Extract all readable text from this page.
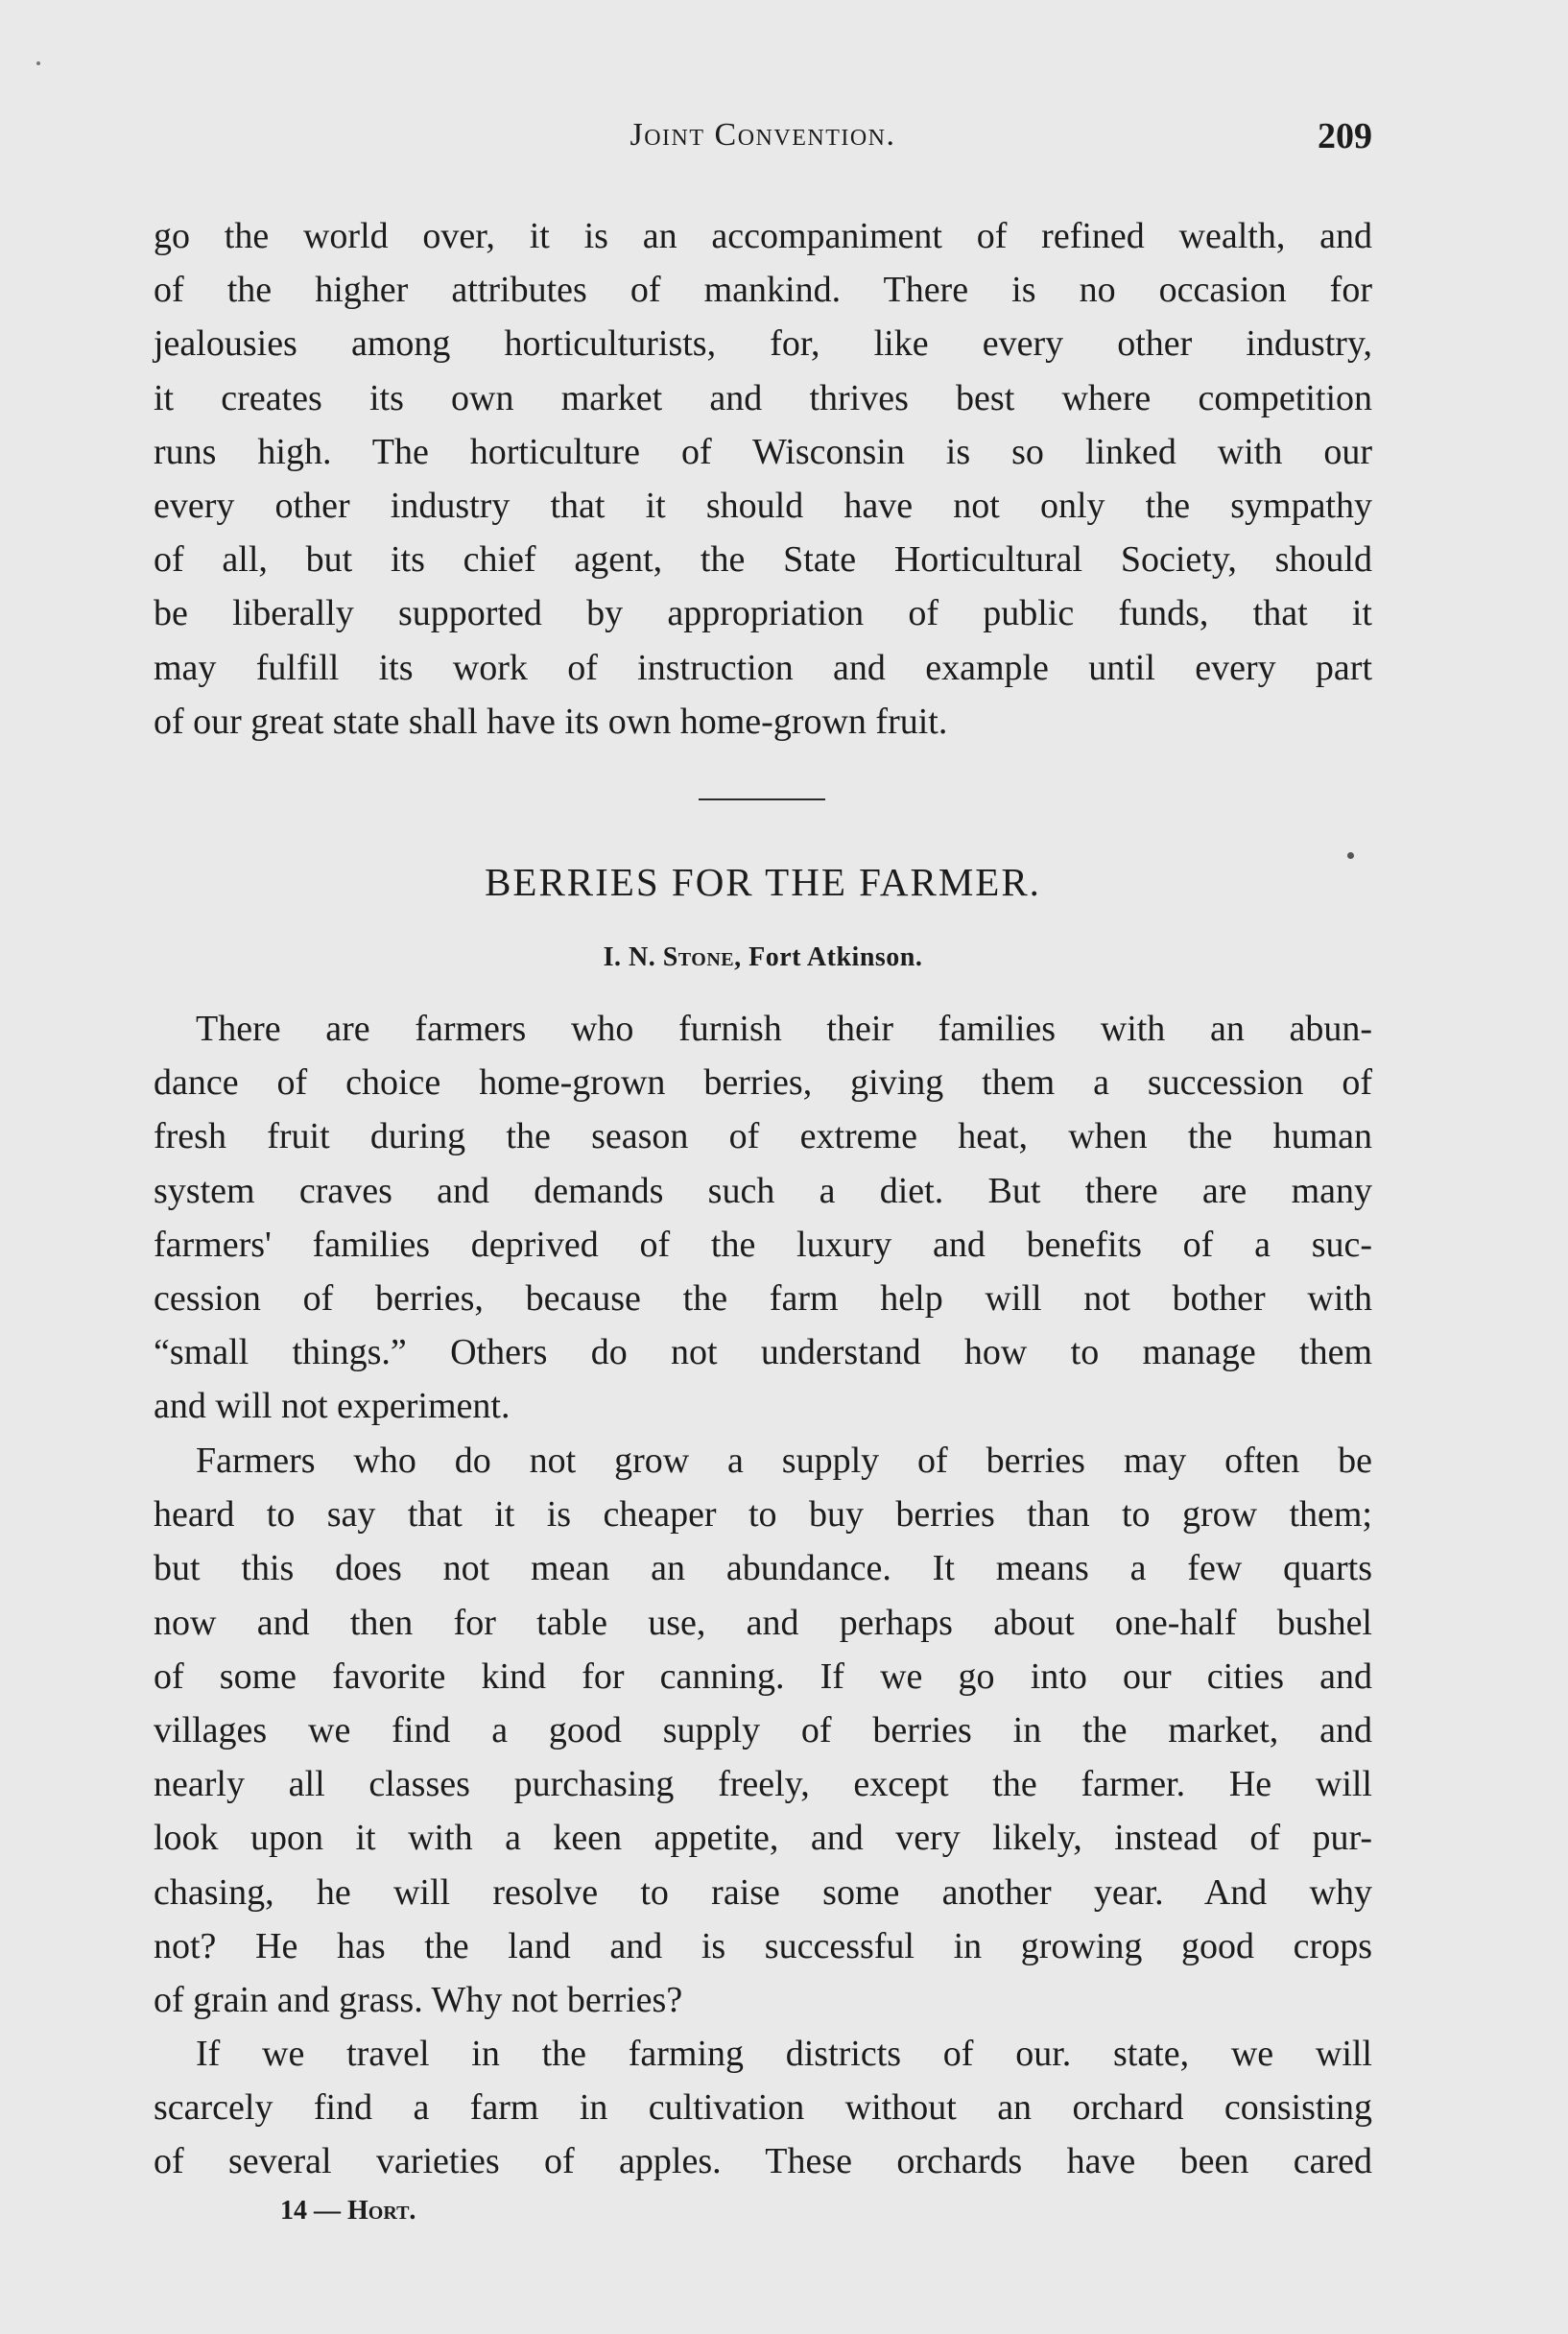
Joint Convention.	209
go the world over, it is an accompaniment of refined wealth, and
of the higher attributes of mankind. There is no occasion for
jealousies among horticulturists, for, like every other industry,
it creates its own market and thrives best where competition
runs high. The horticulture of Wisconsin is so linked with our
every other industry that it should have not only the sympathy
of all, but its chief agent, the State Horticultural Society, should
be liberally supported by appropriation of public funds, that it
may fulfill its work of instruction and example until every part
of our great state shall have its own home-grown fruit.
BERRIES FOR THE FARMER.
I. N. Stone, Fort Atkinson.
There are farmers who furnish their families with an abun-
dance of choice home-grown berries, giving them a succession of
fresh fruit during the season of extreme heat, when the human
system craves and demands such a diet. But there are many
farmers' families deprived of the luxury and benefits of a suc-
cession of berries, because the farm help will not bother with
“small things.” Others do not understand how to manage them
and will not experiment.
Farmers who do not grow a supply of berries may often be
heard to say that it is cheaper to buy berries than to grow them;
but this does not mean an abundance. It means a few quarts
now and then for table use, and perhaps about one-half bushel
of some favorite kind for canning. If we go into our cities and
villages we find a good supply of berries in the market, and
nearly all classes purchasing freely, except the farmer. He will
look upon it with a keen appetite, and very likely, instead of pur-
chasing, he will resolve to raise some another year. And why
not? He has the land and is successful in growing good crops
of grain and grass. Why not berries?
If we travel in the farming districts of our. state, we will
scarcely find a farm in cultivation without an orchard consisting
of several varieties of apples. These orchards have been cared
14 — Hort.
